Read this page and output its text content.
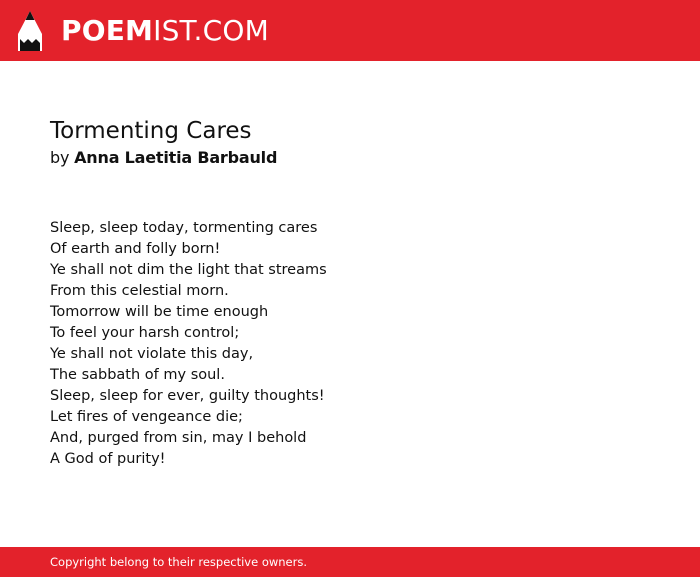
POEMIST.COM
Tormenting Cares

by Anna Laetitia Barbauld

Sleep, sleep today, tormenting cares
Of earth and folly born!
Ye shall not dim the light that streams
From this celestial morn.
Tomorrow will be time enough
To feel your harsh control;
Ye shall not violate this day,
The sabbath of my soul.
Sleep, sleep for ever, guilty thoughts!
Let fires of vengeance die;
And, purged from sin, may I behold
A God of purity!
Copyright belong to their respective owners.
